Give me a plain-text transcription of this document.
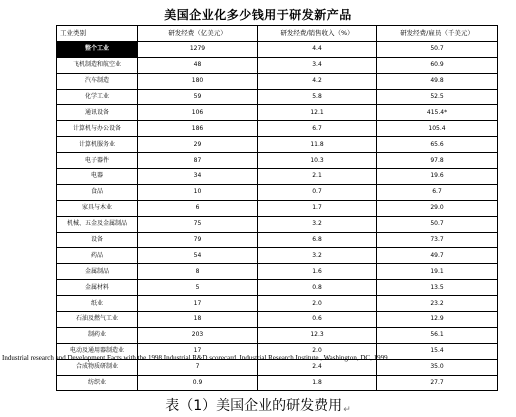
美国企业化多少钱用于研发新产品
工业类别	研发经费（亿美元）	研发经费/销售收入（%）	研发经费/雇员（千美元）
整个工业	1279	4.4	50.7
飞机制造和航空业	48	3.4	60.9
汽车制造	180	4.2	49.8
化学工业	59	5.8	52.5
通讯设备	106	12.1	415.4*
计算机与办公设备	186	6.7	105.4
计算机服务业	29	11.8	65.6
电子器件	87	10.3	97.8
电器	34	2.1	19.6
食品	10	0.7	6.7
家具与木业	6	1.7	29.0
机械、五金及金属制品	75	3.2	50.7
设备	79	6.8	73.7
药品	54	3.2	49.7
金属制品	8	1.6	19.1
金属材料	5	0.8	13.5
纸业	17	2.0	23.2
石油及燃气工业	18	0.6	12.9
制药业	203	12.3	56.1
电动及通用器制造业	17	2.0	15.4
合成物质研制业	7	2.4	35.0
纺织业	0.9	1.8	27.7
Industrial research and Development Facts with the 1998 Industrial R&D scorecard. Industrial Research Institute., Washington, DC, 1999
表（1）美国企业的研发费用↵
